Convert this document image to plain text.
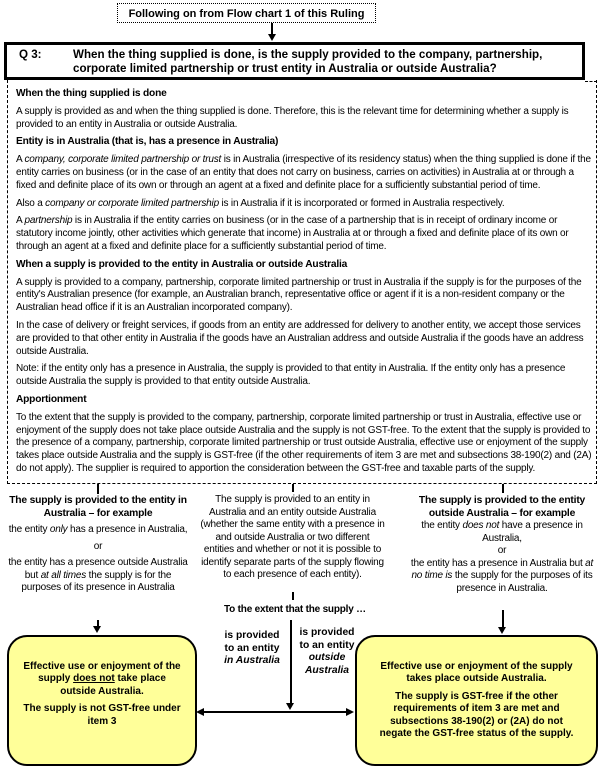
Following on from Flow chart 1 of this Ruling
Q 3:	When the thing supplied is done, is the supply provided to the company, partnership, corporate limited partnership or trust entity in Australia or outside Australia?
When the thing supplied is done

A supply is provided as and when the thing supplied is done. Therefore, this is the relevant time for determining whether a supply is provided to an entity in Australia or outside Australia.

Entity is in Australia (that is, has a presence in Australia)

A company, corporate limited partnership or trust is in Australia (irrespective of its residency status) when the thing supplied is done if the entity carries on business (or in the case of an entity that does not carry on business, carries on activities) in Australia at or through a fixed and definite place of its own or through an agent at a fixed and definite place for a sufficiently substantial period of time.

Also a company or corporate limited partnership is in Australia if it is incorporated or formed in Australia respectively.

A partnership is in Australia if the entity carries on business (or in the case of a partnership that is in receipt of ordinary income or statutory income jointly, other activities which generate that income) in Australia at or through a fixed and definite place of its own or through an agent at a fixed and definite place for a sufficiently substantial period of time.

When a supply is provided to the entity in Australia or outside Australia

A supply is provided to a company, partnership, corporate limited partnership or trust in Australia if the supply is for the purposes of the entity's Australian presence (for example, an Australian branch, representative office or agent if it is a non-resident company or the Australian head office if it is an Australian incorporated company).

In the case of delivery or freight services, if goods from an entity are addressed for delivery to another entity, we accept those services are provided to that other entity in Australia if the goods have an Australian address and outside Australia if the goods have an address outside Australia.

Note: if the entity only has a presence in Australia, the supply is provided to that entity in Australia. If the entity only has a presence outside Australia the supply is provided to that entity outside Australia.

Apportionment

To the extent that the supply is provided to the company, partnership, corporate limited partnership or trust in Australia, effective use or enjoyment of the supply does not take place outside Australia and the supply is not GST-free. To the extent that the supply is provided to the presence of a company, partnership, corporate limited partnership or trust outside Australia, effective use or enjoyment of the supply takes place outside Australia and the supply is GST-free (if the other requirements of item 3 are met and subsections 38-190(2) and (2A) do not apply). The supplier is required to apportion the consideration between the GST-free and taxable parts of the supply.

The supply is provided to the entity in Australia – for example

the entity only has a presence in Australia,

or

the entity has a presence outside Australia but at all times the supply is for the purposes of its presence in Australia

The supply is provided to an entity in Australia and an entity outside Australia (whether the same entity with a presence in and outside Australia or two different entities and whether or not it is possible to identify separate parts of the supply flowing to each presence of each entity).

To the extent that the supply …
is provided to an entity in Australia
is provided to an entity outside Australia

The supply is provided to the entity outside Australia – for example

the entity does not have a presence in Australia,

or

the entity has a presence in Australia but at no time is the supply for the purposes of its presence in Australia.

Effective use or enjoyment of the supply does not take place outside Australia.

The supply is not GST-free under item 3

Effective use or enjoyment of the supply takes place outside Australia.

The supply is GST-free if the other requirements of item 3 are met and subsections 38-190(2) or (2A) do not negate the GST-free status of the supply.
